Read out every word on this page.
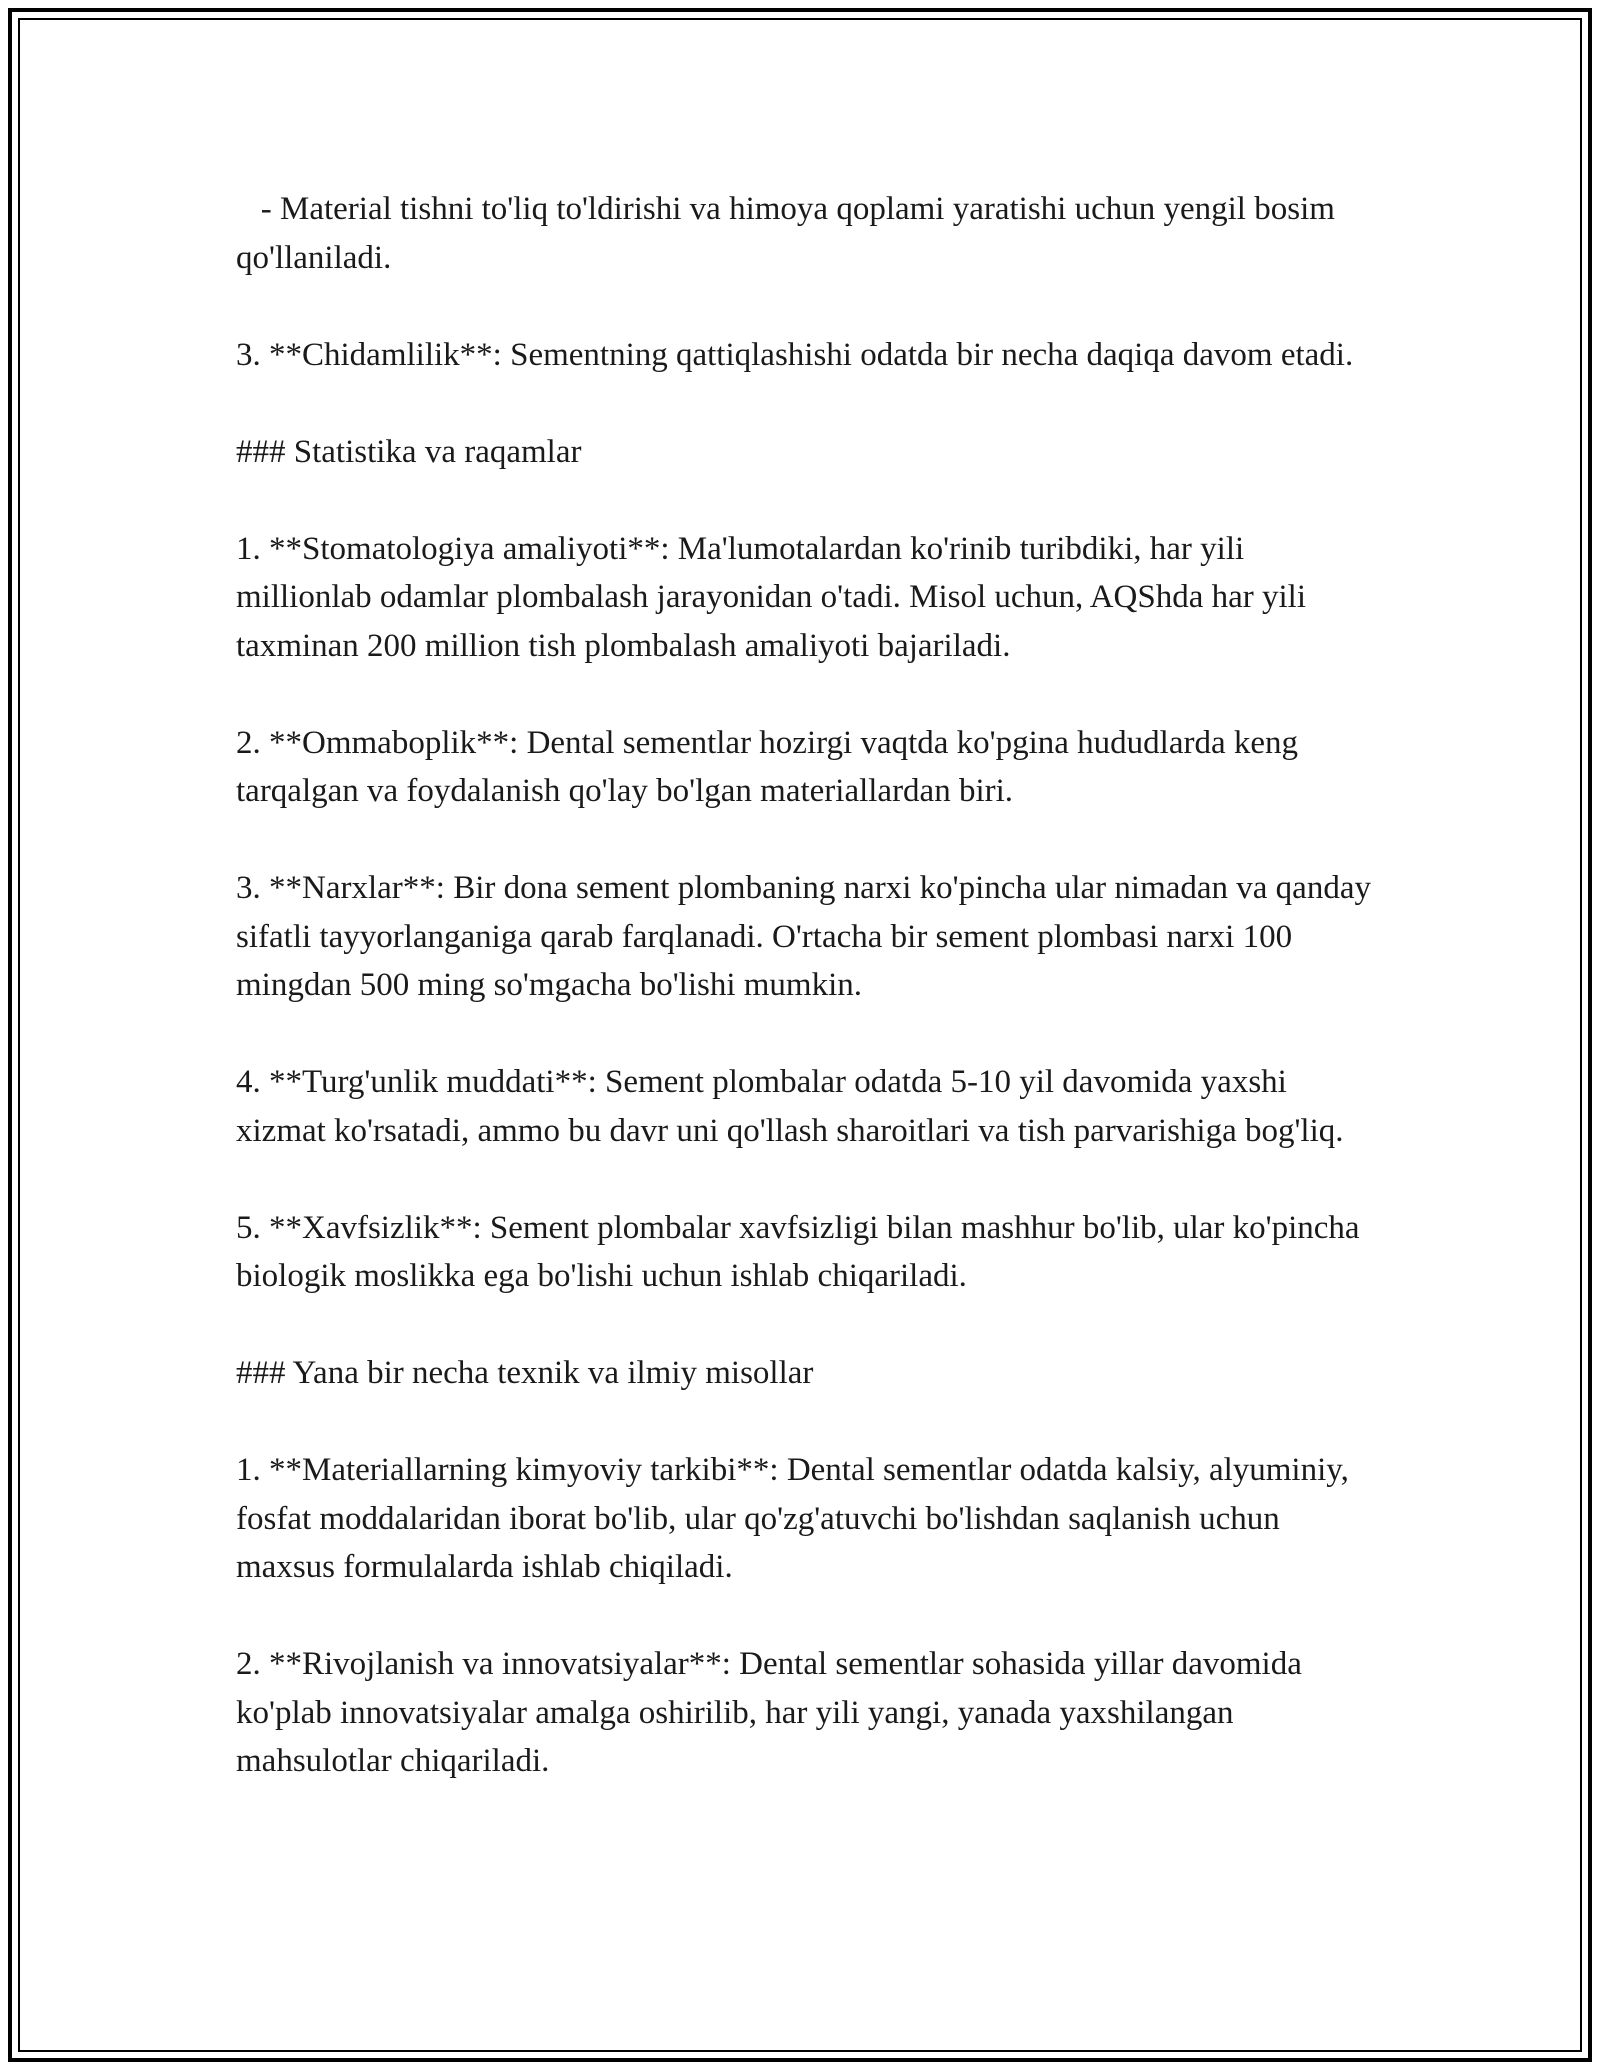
- Material tishni to'liq to'ldirishi va himoya qoplami yaratishi uchun yengil bosim qo'llaniladi.

3. **Chidamlilik**: Sementning qattiqlashishi odatda bir necha daqiqa davom etadi.

### Statistika va raqamlar

1. **Stomatologiya amaliyoti**: Ma'lumotalardan ko'rinib turibdiki, har yili millionlab odamlar plombalash jarayonidan o'tadi. Misol uchun, AQShda har yili taxminan 200 million tish plombalash amaliyoti bajariladi.

2. **Ommaboplik**: Dental sementlar hozirgi vaqtda ko'pgina hududlarda keng tarqalgan va foydalanish qo'lay bo'lgan materiallardan biri.

3. **Narxlar**: Bir dona sement plombaning narxi ko'pincha ular nimadan va qanday sifatli tayyorlanganiga qarab farqlanadi. O'rtacha bir sement plombasi narxi 100 mingdan 500 ming so'mgacha bo'lishi mumkin.

4. **Turg'unlik muddati**: Sement plombalar odatda 5-10 yil davomida yaxshi xizmat ko'rsatadi, ammo bu davr uni qo'llash sharoitlari va tish parvarishiga bog'liq.

5. **Xavfsizlik**: Sement plombalar xavfsizligi bilan mashhur bo'lib, ular ko'pincha biologik moslikka ega bo'lishi uchun ishlab chiqariladi.

### Yana bir necha texnik va ilmiy misollar

1. **Materiallarning kimyoviy tarkibi**: Dental sementlar odatda kalsiy, alyuminiy, fosfat moddalaridan iborat bo'lib, ular qo'zg'atuvchi bo'lishdan saqlanish uchun maxsus formulalarda ishlab chiqiladi.

2. **Rivojlanish va innovatsiyalar**: Dental sementlar sohasida yillar davomida ko'plab innovatsiyalar amalga oshirilib, har yili yangi, yanada yaxshilangan mahsulotlar chiqariladi.
